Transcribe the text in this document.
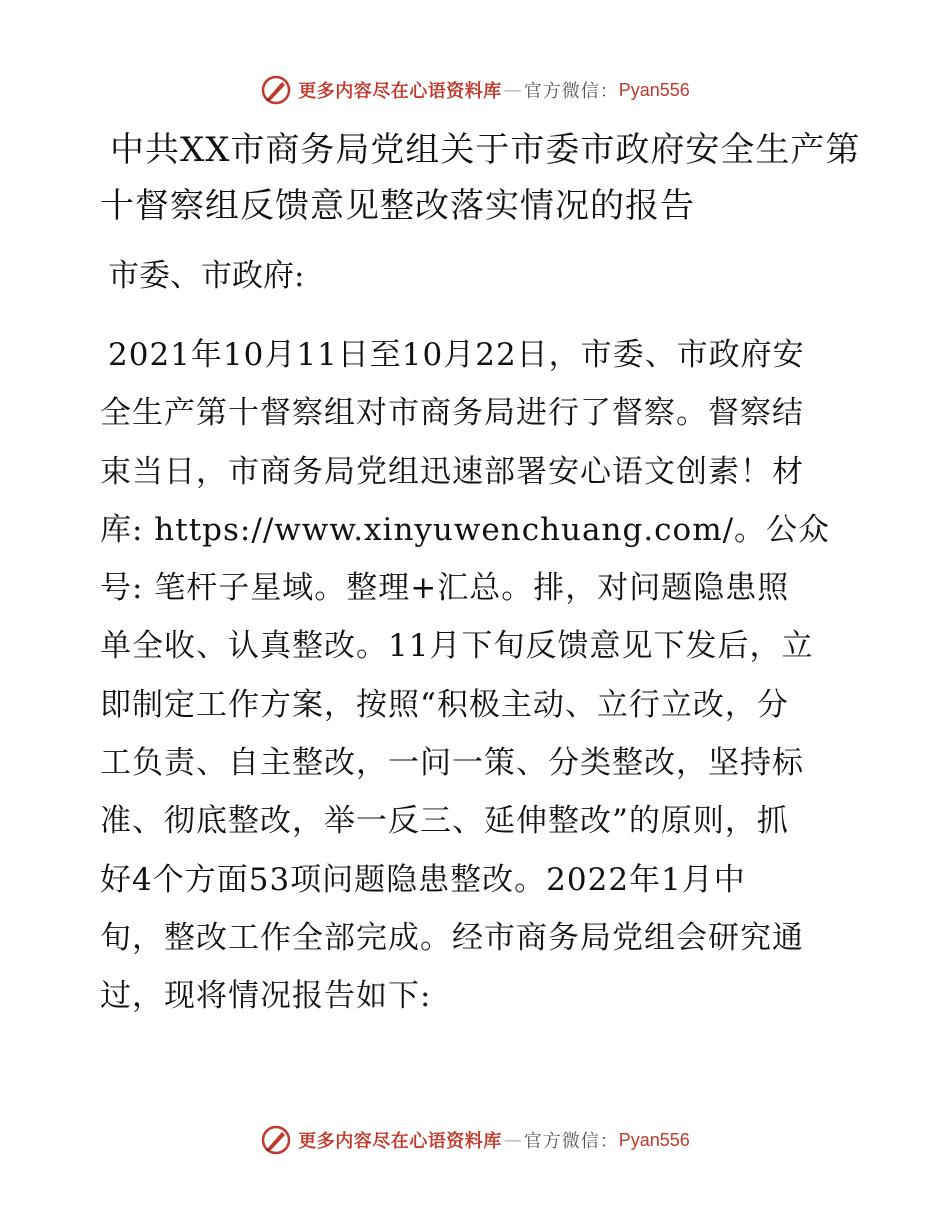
更多内容尽在心语资料库 — 官方微信： Pyan556
中共XX市商务局党组关于市委市政府安全生产第
十督察组反馈意见整改落实情况的报告

市委、市政府:

2021年10月11日至10月22日，市委、市政府安
全生产第十督察组对市商务局进行了督察。督察结
束当日，市商务局党组迅速部署安心语文创素！材
库: https://www.xinyuwenchuang.com/。公众
号: 笔杆子星域。整理+汇总。排，对问题隐患照
单全收、认真整改。11月下旬反馈意见下发后，立
即制定工作方案，按照“积极主动、立行立改，分
工负责、自主整改，一问一策、分类整改，坚持标
准、彻底整改，举一反三、延伸整改”的原则，抓
好4个方面53项问题隐患整改。2022年1月中
旬，整改工作全部完成。经市商务局党组会研究通
过，现将情况报告如下:

更多内容尽在心语资料库 — 官方微信： Pyan556
